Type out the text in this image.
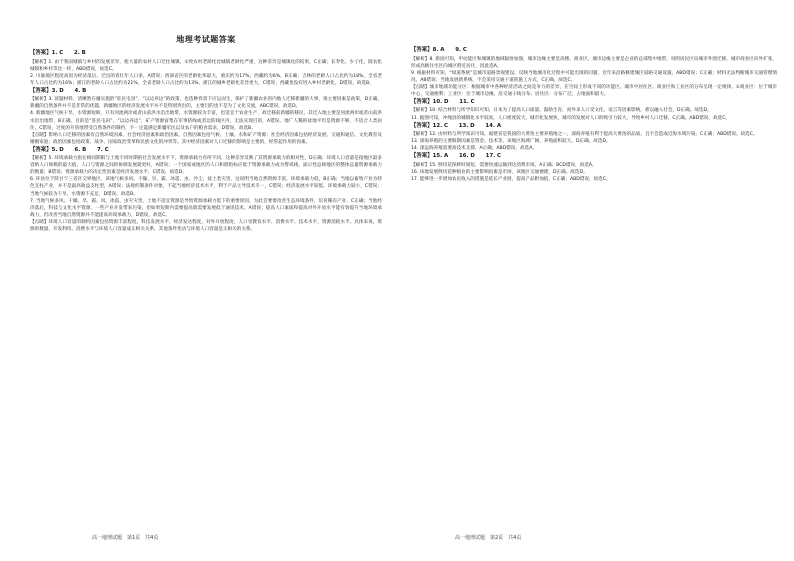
地理考试题答案
【答案】1. C　　2. B
【解析】1. 由于我国城镇与乡村的发展差异，使大量的农村人口迁往城镇，①致农村老龄化比城镇老龄化严重，这种差异是城镇化的结果，C正确；长寿化、少子化，既农化城镇和乡村等比一样，ABD错误，故选C。
2. 川渝地区程度高因为经济落后，迁出的青壮年人口多，A错误；西部省区的老龄化率最大，重庆约为17%，西藏约为6%，B正确；吉林的老龄人口占比约为18%，全省老年人口占比约为16%；浙江的老龄人口占比约为21%，全省老龄人口占比约为13%，浙江的城乡老龄化差异更大，C错误；西藏也没有进入乡村老龄化，D错误，故选B。
【答案】3. D　　4. B
【解析】3. 读题材料，清晰然在疆实施的“驻民屯垦”、“以边养边”的政策，也选种背景下应运而生，保护了新疆农业的内地人迁移新疆的大事，推主要因素是政策，D正确。新疆的自然条件并不是非常的优越，新疆地区的经济发展水平并不是特别突出的，主要目的也不是为了文化交流，ABC错误，故选D。
4. 新疆地区气候干旱，水资源短缺，只有河流两岸或者山前洪水沿出地带，水资源较为丰富，也适宜于农业生产，故迁移前新疆的移民，其迁入地主要是河流两岸或者山前洪水沿出地带，B正确，目的是“驻民屯田”，“以边养边”，矿产资源富集在军事防线或者边防线区内，无法实现目的，A错误。地广人稀的盐地平坦是资源不够，不适合人类居住，C错误，过度的开垦地带受自然条件的制约，不一定能满足新疆军民以及农户的粮食需求，D错误，故选B。
【点睛】影响人口迁移的因素有自然环境因素、社会经济因素和政治因素。自然因素包括气候、土壤、水和矿产资源；社会经济因素包括经济发展、交通和通信、文化教育及婚姻家庭；政治因素包括政策、战争、国家政治变革和民族文化的冲突等。其中经济因素对人口迁移的影响是主要的，经常起作用的因素。
【答案】5. D　　6. B　　7. C
【解析】5. 环境承载力指在相同期限与土地不同时期的社会发展水平下，资源承载力有所不同，这种差异反映了其资源承载力的相对性，D正确；环境人口容量是指地区最多容纳人口规模的最大值，人口与资源之间的协调发展就更好，A错误；一个国家或地区的人口和谐指标应低于资源承载力成为警戒线，面示性总统地区的整体总量资源承载力的数量；B错误；资源承载力的决定性因素是经济发展水平，C错误，故选D。
6. 环县位于陕甘宁三省区交界地区，该地气候多风、干燥、旱、霜、冰雹、虫、沙尘、盐土类灾害，这说明当地自然资源丰富，环境承载力低，B正确；当地以畜牧产业为特色支柱产业，并不是最高收益支柱型，A错误；法规约制条件对象，不起当地经济技术水平，利于产品主导技术专一，C错误；经济发展水平较低，环境承载力较小，C错误；当地气候较为干旱，水资源不充足，D错误，故选B。
7. 当地气候多风、干燥，旱、霜、风、冰雹、虫灾灾害，土地不适宜资源是导致资源承载力低下的重要原因，为此首要要改善生态环境条件，培育稀有产业，C正确；当地经济落后，科技与文化水平资源，一些产业开发带来污染，但如果短期内需要提高就需要发展低于通讯技术，A错误；提高人口素质和提高对外开放水平能有效提升当地环境承载力，但改善当地自然资源并不能提高环境承载力，D错误，故选C。
【点睛】环境人口容量的制约因素包括资源丰富程度、科技发展水平、经济发达程度、对外开放程度、人口受教育水平、消费水平、技术水平、资源消耗水平。具体来说，资源的数量、开发利用、消费水平与环境人口容量成正相关关系，其他条件变动与环境人口容量是正相关的关系。
高一地理试题　第1页　共4页
【答案】8. A　　9. C
【解析】8. 新固可知，甲动能区和城镇的地域辐射加强，城市边缘主要是高楼、商业区，城市边缘主要是企业的总部集中地带，说明居民区向城市外围迁移，城市商业区向外扩张，形成高级住宅区向城区附近居住，因此选A。
9. 根据材料可知，“绿道系统”是城市道路景观建设，反映当地城市化过程中可能出现的问题，近年来沿路修建城区道路交通设施，ABD错误；C正确；材料无法判断城市交通管理情况，AB错误；当地发展新系统，不会采用交通干道的施工方式，C正确，故选C。
【点睛】城市地域功能分区：根据城市中各种经济活动之间竞争力的差异，在空间上形成不同的功能区。城市中居住区、商业区和工业区的分布呈现一定规律。①商业区：位于城市中心，交通便利；工业区：位于城市边缘，沿交通干线分布；居住区：分布广泛，占地面积最大。
【答案】10. D　　11. C
【解析】10. 结合材料与所学知识可知，日本为了提高人口质量，鼓励生育，而外来人口受文化、语言等因素影响，难以融入社会，D正确。故选D。
11. 据图可知，冲绳县的城镇化水平较高，人口密度较大，城市化发展快，城市的发展对人口的吸引力较大，导致乡村人口迁移，C正确。ABD错误，故选C。
【答案】12. C　　13. D　　14. A
【解析】12. 由材料与所学知识可知，福建省是我国的大黄鱼主要养殖地之一，深海养殖有利于提高大黄鱼的品质，且不会造成近海水域污染，C正确；ABD错误。故选C。
13. 深海养殖的主要限制因素是资金、技术等，该地区海域广阔，养殖面积较大，D正确。故选D。
14. 深远海养殖需要高技术支撑，A正确；ABD错误，故选A。
【答案】15. A　　16. D　　17. C
【解析】15. 鲜切花保鲜时间短，需要快速运输到达消费市场，A正确；BCD错误，故选A。
16. 该地发展鲜切花种植业的主要影响因素是市场，该地区交通便捷，D正确。故选D。
17. 能够进一步增加农民收入的措施是延长产业链，提高产品附加值，C正确；ABD错误，故选C。
高一地理试题　第2页　共4页
